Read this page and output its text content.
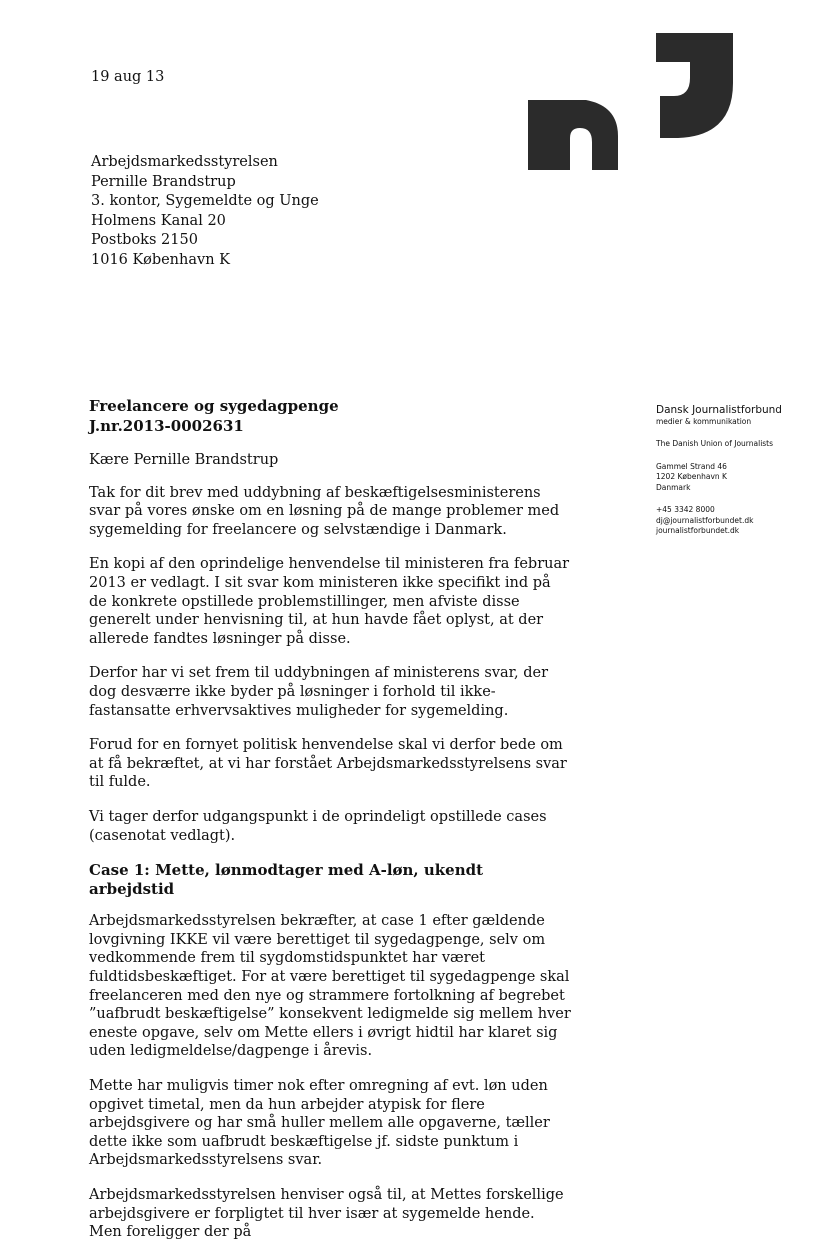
19 aug 13
Arbejdsmarkedsstyrelsen
Pernille Brandstrup
3. kontor, Sygemeldte og Unge
Holmens Kanal 20
Postboks 2150
1016 København K
Dansk Journalistforbund
medier & kommunikation
The Danish Union of Journalists
Gammel Strand 46
1202 København K
Danmark
+45 3342 8000
dj@journalistforbundet.dk
journalistforbundet.dk
Freelancere og sygedagpenge
J.nr.2013-0002631
Kære Pernille Brandstrup

Tak for dit brev med uddybning af beskæftigelsesministerens svar på vores ønske om en løsning på de mange problemer med sygemelding for freelancere og selvstændige i Danmark.

En kopi af den oprindelige henvendelse til ministeren fra februar 2013 er vedlagt. I sit svar kom ministeren ikke specifikt ind på de konkrete opstillede problemstillinger, men afviste disse generelt under henvisning til, at hun havde fået oplyst, at der allerede fandtes løsninger på disse.

Derfor har vi set frem til uddybningen af ministerens svar, der dog desværre ikke byder på løsninger i forhold til ikke-fastansatte erhvervsaktives muligheder for sygemelding.

Forud for en fornyet politisk henvendelse skal vi derfor bede om at få bekræftet, at vi har forstået Arbejdsmarkedsstyrelsens svar til fulde.

Vi tager derfor udgangspunkt i de oprindeligt opstillede cases (casenotat vedlagt).

Case 1: Mette, lønmodtager med A-løn, ukendt arbejdstid

Arbejdsmarkedsstyrelsen bekræfter, at case 1 efter gældende lovgivning IKKE vil være berettiget til sygedagpenge, selv om vedkommende frem til sygdomstidspunktet har været fuldtidsbeskæftiget. For at være berettiget til sygedagpenge skal freelanceren med den nye og strammere fortolkning af begrebet ”uafbrudt beskæftigelse” konsekvent ledigmelde sig mellem hver eneste opgave, selv om Mette ellers i øvrigt hidtil har klaret sig uden ledigmeldelse/dagpenge i årevis.

Mette har muligvis timer nok efter omregning af evt. løn uden opgivet timetal, men da hun arbejder atypisk for flere arbejdsgivere og har små huller mellem alle opgaverne, tæller dette ikke som uafbrudt beskæftigelse jf. sidste punktum i Arbejdsmarkedsstyrelsens svar.

Arbejdsmarkedsstyrelsen henviser også til, at Mettes forskellige arbejdsgivere er forpligtet til hver især at sygemelde hende. Men foreligger der på
